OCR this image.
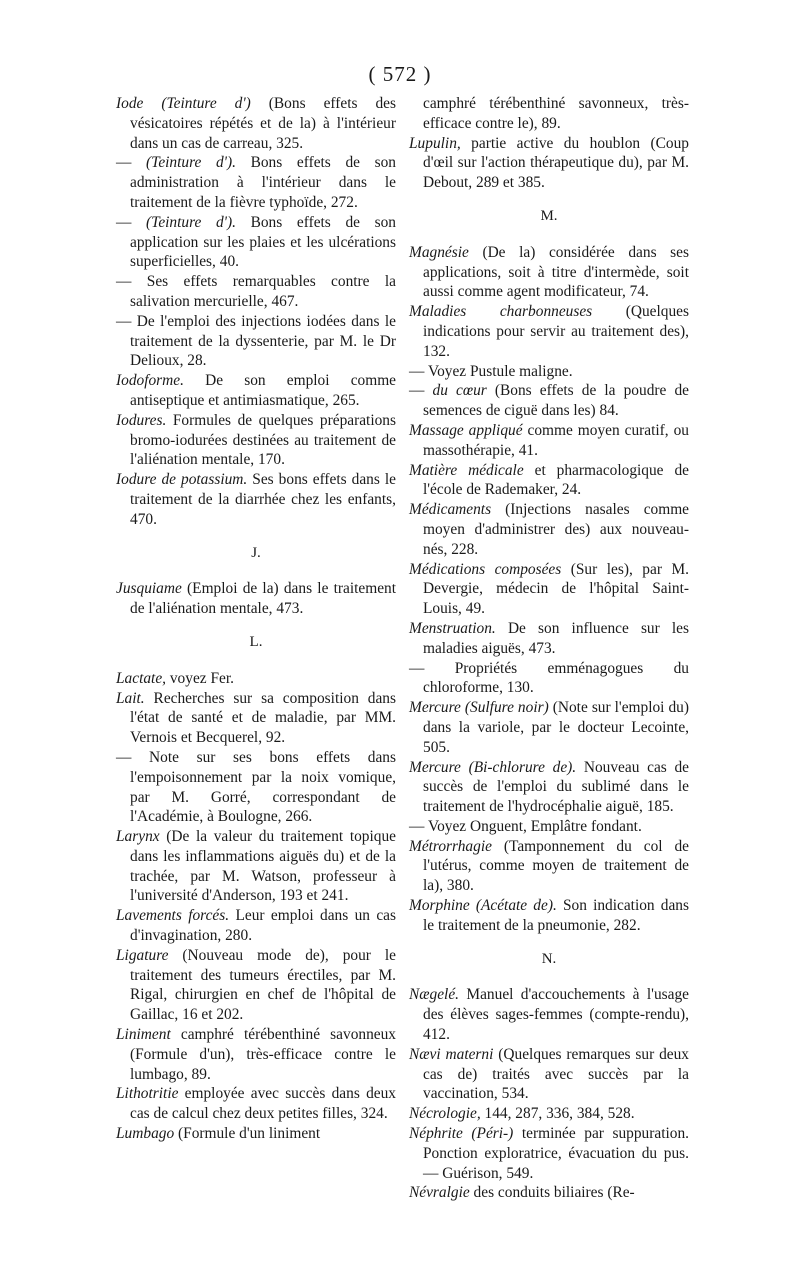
( 572 )
Iode (Teinture d') (Bons effets des vésicatoires répétés et de la) à l'intérieur dans un cas de carreau, 325.
— (Teinture d'). Bons effets de son administration à l'intérieur dans le traitement de la fièvre typhoïde, 272.
— (Teinture d'). Bons effets de son application sur les plaies et les ulcérations superficielles, 40.
— Ses effets remarquables contre la salivation mercurielle, 467.
— De l'emploi des injections iodées dans le traitement de la dyssenterie, par M. le Dr Delioux, 28.
Iodoforme. De son emploi comme antiseptique et antimiasmatique, 265.
Iodures. Formules de quelques préparations bromo-iodurées destinées au traitement de l'aliénation mentale, 170.
Iodure de potassium. Ses bons effets dans le traitement de la diarrhée chez les enfants, 470.
J.
Jusquiame (Emploi de la) dans le traitement de l'aliénation mentale, 473.
L.
Lactate, voyez Fer.
Lait. Recherches sur sa composition dans l'état de santé et de maladie, par MM. Vernois et Becquerel, 92.
— Note sur ses bons effets dans l'empoisonnement par la noix vomique, par M. Gorré, correspondant de l'Académie, à Boulogne, 266.
Larynx (De la valeur du traitement topique dans les inflammations aiguës du) et de la trachée, par M. Watson, professeur à l'université d'Anderson, 193 et 241.
Lavements forcés. Leur emploi dans un cas d'invagination, 280.
Ligature (Nouveau mode de), pour le traitement des tumeurs érectiles, par M. Rigal, chirurgien en chef de l'hôpital de Gaillac, 16 et 202.
Liniment camphré térébenthiné savonneux (Formule d'un), très-efficace contre le lumbago, 89.
Lithotritie employée avec succès dans deux cas de calcul chez deux petites filles, 324.
Lumbago (Formule d'un liniment
camphré térébenthiné savonneux, très-efficace contre le), 89.
Lupulin, partie active du houblon (Coup d'œil sur l'action thérapeutique du), par M. Debout, 289 et 385.
M.
Magnésie (De la) considérée dans ses applications, soit à titre d'intermède, soit aussi comme agent modificateur, 74.
Maladies charbonneuses (Quelques indications pour servir au traitement des), 132.
— Voyez Pustule maligne.
— du cœur (Bons effets de la poudre de semences de ciguë dans les) 84.
Massage appliqué comme moyen curatif, ou massothérapie, 41.
Matière médicale et pharmacologique de l'école de Rademaker, 24.
Médicaments (Injections nasales comme moyen d'administrer des) aux nouveau-nés, 228.
Médications composées (Sur les), par M. Devergie, médecin de l'hôpital Saint-Louis, 49.
Menstruation. De son influence sur les maladies aiguës, 473.
— Propriétés emménagogues du chloroforme, 130.
Mercure (Sulfure noir) (Note sur l'emploi du) dans la variole, par le docteur Lecointe, 505.
Mercure (Bi-chlorure de). Nouveau cas de succès de l'emploi du sublimé dans le traitement de l'hydrocéphalie aiguë, 185.
— Voyez Onguent, Emplâtre fondant.
Métrorrhagie (Tamponnement du col de l'utérus, comme moyen de traitement de la), 380.
Morphine (Acétate de). Son indication dans le traitement de la pneumonie, 282.
N.
Nægelé. Manuel d'accouchements à l'usage des élèves sages-femmes (compte-rendu), 412.
Nævi materni (Quelques remarques sur deux cas de) traités avec succès par la vaccination, 534.
Nécrologie, 144, 287, 336, 384, 528.
Néphrite (Péri-) terminée par suppuration. Ponction exploratrice, évacuation du pus. — Guérison, 549.
Névralgie des conduits biliaires (Re-
